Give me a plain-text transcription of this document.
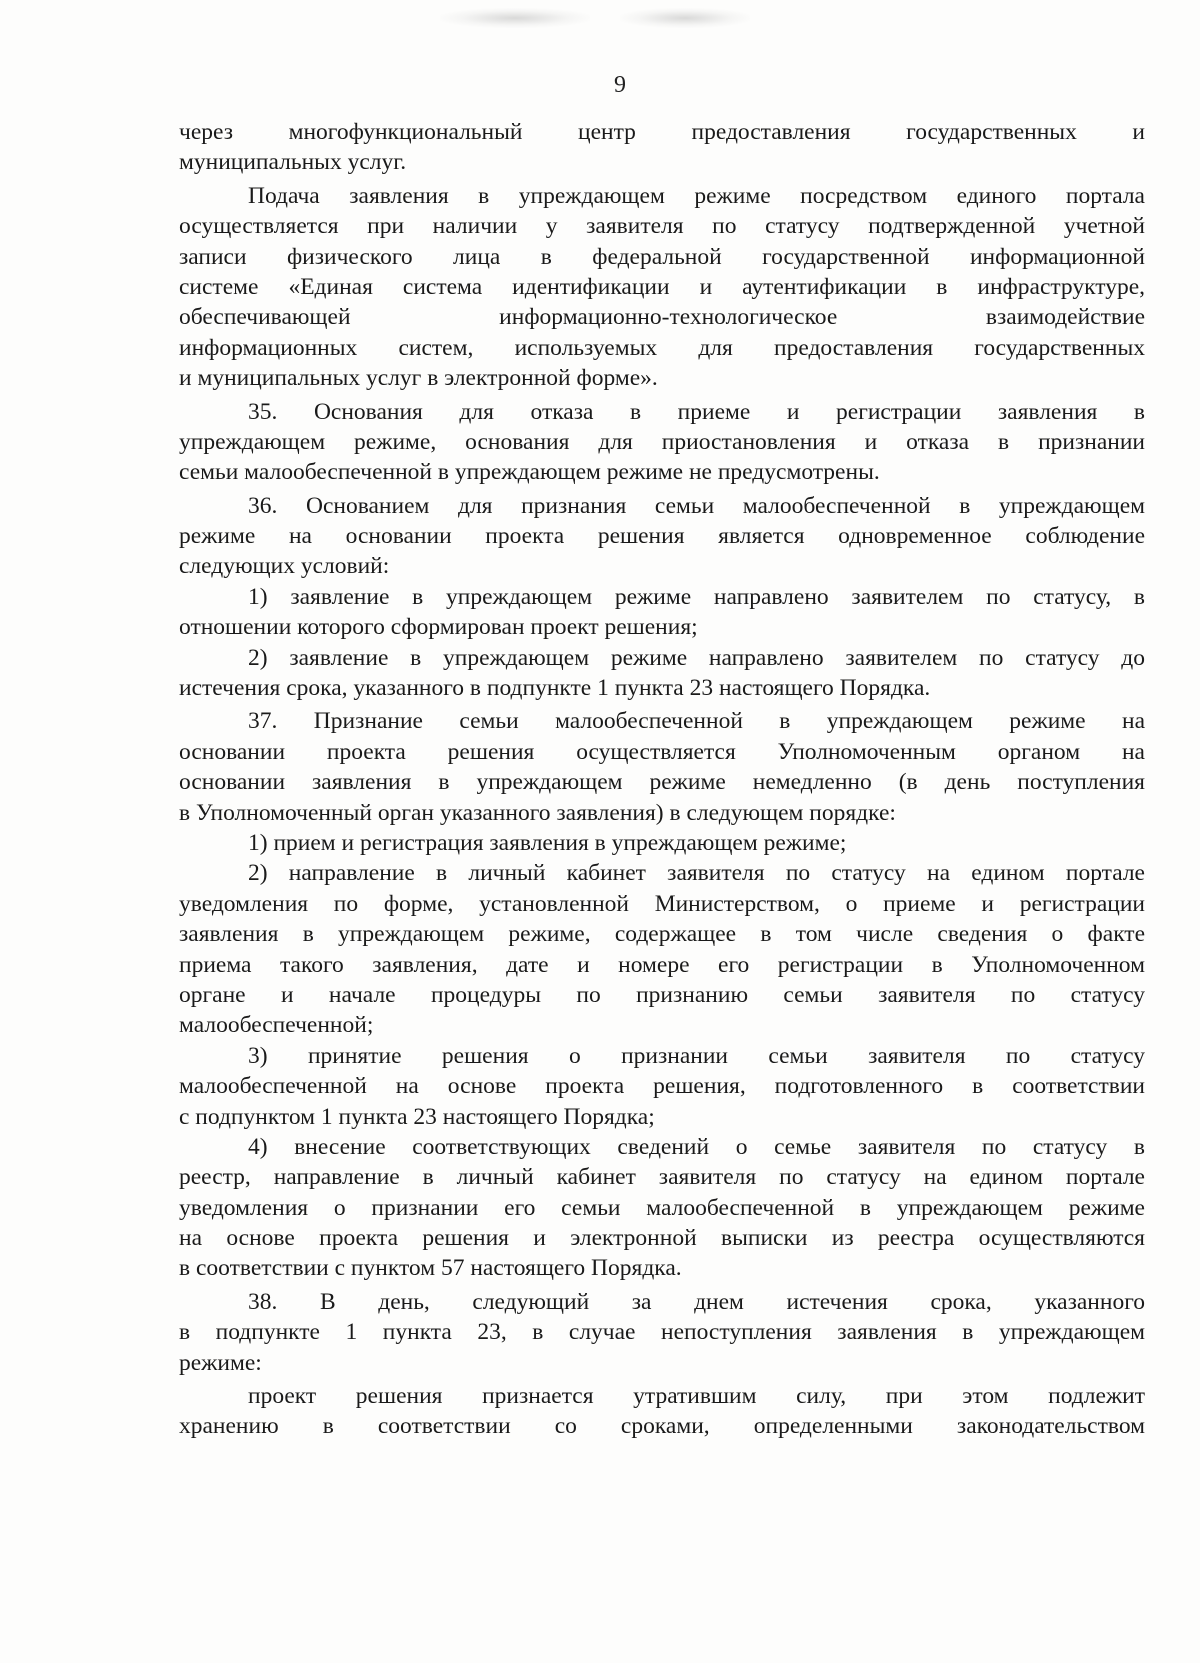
9
через многофункциональный центр предоставления государственных и
муниципальных услуг.
Подача заявления в упреждающем режиме посредством единого портала
осуществляется при наличии у заявителя по статусу подтвержденной учетной
записи физического лица в федеральной государственной информационной
системе «Единая система идентификации и аутентификации в инфраструктуре,
обеспечивающей информационно-технологическое взаимодействие
информационных систем, используемых для предоставления государственных
и муниципальных услуг в электронной форме».
35. Основания для отказа в приеме и регистрации заявления в
упреждающем режиме, основания для приостановления и отказа в признании
семьи малообеспеченной в упреждающем режиме не предусмотрены.
36. Основанием для признания семьи малообеспеченной в упреждающем
режиме на основании проекта решения является одновременное соблюдение
следующих условий:
1) заявление в упреждающем режиме направлено заявителем по статусу, в
отношении которого сформирован проект решения;
2) заявление в упреждающем режиме направлено заявителем по статусу до
истечения срока, указанного в подпункте 1 пункта 23 настоящего Порядка.
37. Признание семьи малообеспеченной в упреждающем режиме на
основании проекта решения осуществляется Уполномоченным органом на
основании заявления в упреждающем режиме немедленно (в день поступления
в Уполномоченный орган указанного заявления) в следующем порядке:
1) прием и регистрация заявления в упреждающем режиме;
2) направление в личный кабинет заявителя по статусу на едином портале
уведомления по форме, установленной Министерством, о приеме и регистрации
заявления в упреждающем режиме, содержащее в том числе сведения о факте
приема такого заявления, дате и номере его регистрации в Уполномоченном
органе и начале процедуры по признанию семьи заявителя по статусу
малообеспеченной;
3) принятие решения о признании семьи заявителя по статусу
малообеспеченной на основе проекта решения, подготовленного в соответствии
с подпунктом 1 пункта 23 настоящего Порядка;
4) внесение соответствующих сведений о семье заявителя по статусу в
реестр, направление в личный кабинет заявителя по статусу на едином портале
уведомления о признании его семьи малообеспеченной в упреждающем режиме
на основе проекта решения и электронной выписки из реестра осуществляются
в соответствии с пунктом 57 настоящего Порядка.
38. В день, следующий за днем истечения срока, указанного
в подпункте 1 пункта 23, в случае непоступления заявления в упреждающем
режиме:
проект решения признается утратившим силу, при этом подлежит
хранению в соответствии со сроками, определенными законодательством
